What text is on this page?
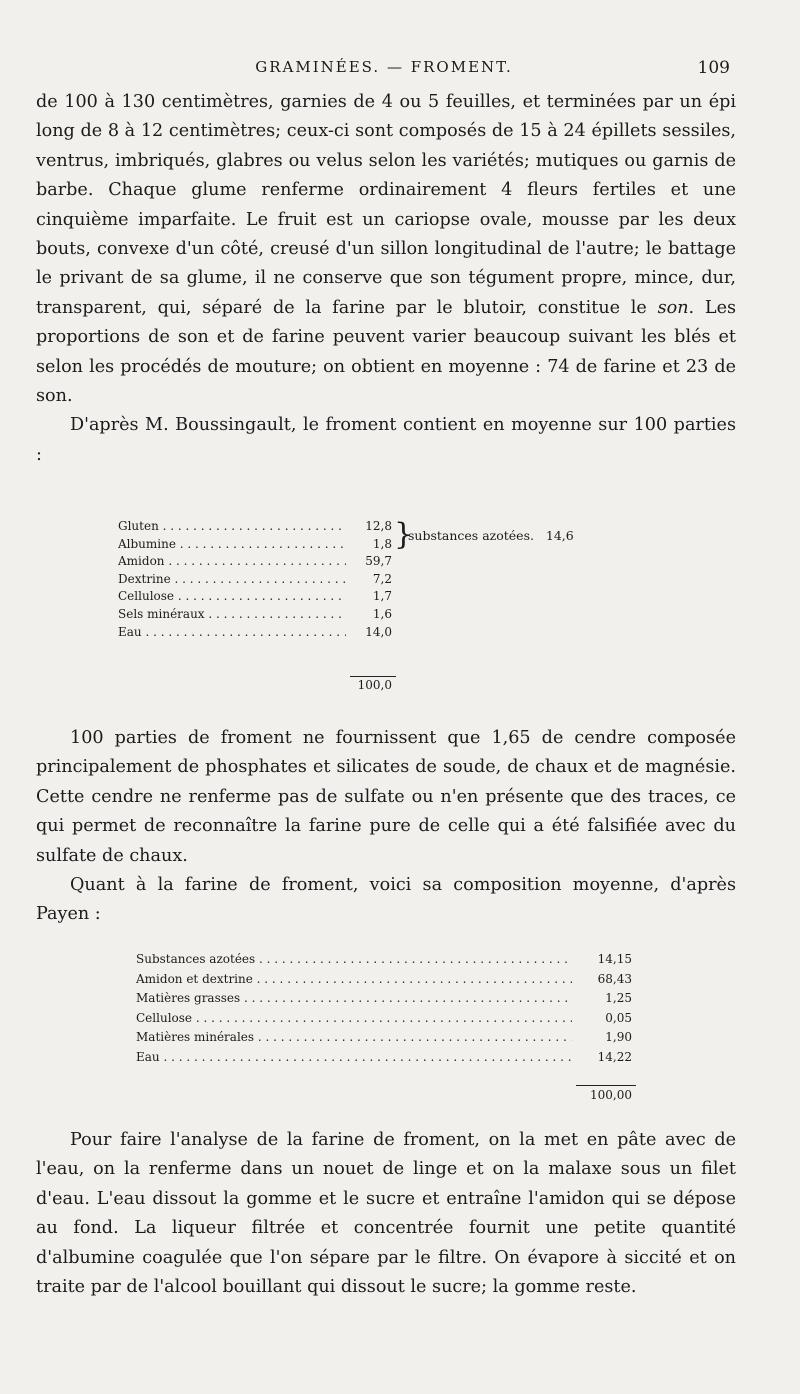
GRAMINÉES. — FROMENT.	109
de 100 à 130 centimètres, garnies de 4 ou 5 feuilles, et terminées par un épi long de 8 à 12 centimètres; ceux-ci sont composés de 15 à 24 épillets sessiles, ventrus, imbriqués, glabres ou velus selon les variétés; mutiques ou garnis de barbe. Chaque glume renferme ordinairement 4 fleurs fertiles et une cinquième imparfaite. Le fruit est un cariopse ovale, mousse par les deux bouts, convexe d'un côté, creusé d'un sillon longitudinal de l'autre; le battage le privant de sa glume, il ne conserve que son tégument propre, mince, dur, transparent, qui, séparé de la farine par le blutoir, constitue le son. Les proportions de son et de farine peuvent varier beaucoup suivant les blés et selon les procédés de mouture; on obtient en moyenne : 74 de farine et 23 de son.
D'après M. Boussingault, le froment contient en moyenne sur 100 parties :
Gluten . . .	12,8 }
substances azotées. 14,6
Albumine . . .	1,8
Amidon . . .	59,7
Dextrine . . .	7,2
Cellulose . . .	1,7
Sels minéraux . . .	1,6
Eau . . .	14,0
100,0
100 parties de froment ne fournissent que 1,65 de cendre composée principalement de phosphates et silicates de soude, de chaux et de magnésie. Cette cendre ne renferme pas de sulfate ou n'en présente que des traces, ce qui permet de reconnaître la farine pure de celle qui a été falsifiée avec du sulfate de chaux.
Quant à la farine de froment, voici sa composition moyenne, d'après Payen :
Substances azotées . . .	14,15
Amidon et dextrine . . .	68,43
Matières grasses . . .	1,25
Cellulose . . .	0,05
Matières minérales . . .	1,90
Eau . . .	14,22
100,00
Pour faire l'analyse de la farine de froment, on la met en pâte avec de l'eau, on la renferme dans un nouet de linge et on la malaxe sous un filet d'eau. L'eau dissout la gomme et le sucre et entraîne l'amidon qui se dépose au fond. La liqueur filtrée et concentrée fournit une petite quantité d'albumine coagulée que l'on sépare par le filtre. On évapore à siccité et on traite par de l'alcool bouillant qui dissout le sucre; la gomme reste.
